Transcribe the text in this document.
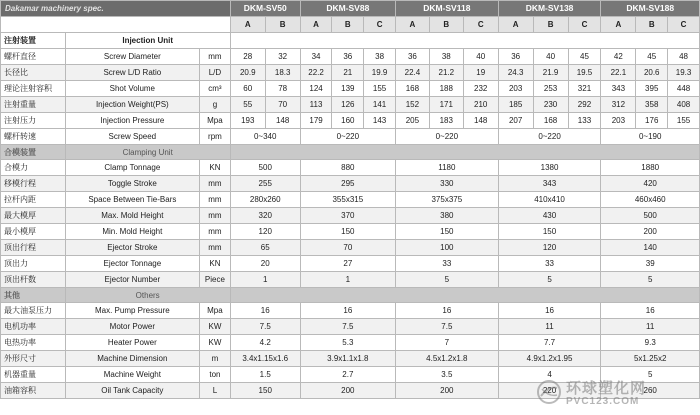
Dakamar machinery spec.			DKM-SV50		DKM-SV88			DKM-SV118			DKM-SV138			DKM-SV188		
			A	B	A	B	C	A	B	C	A	B	C	A	B	C
注射装置	Injection Unit															
螺杆直径	Screw Diameter	mm	28	32	34	36	38	36	38	40	36	40	45	42	45	48
长径比	Screw L/D Ratio	L/D	20.9	18.3	22.2	21	19.9	22.4	21.2	19	24.3	21.9	19.5	22.1	20.6	19.3
理论注射容积	Shot Volume	cm³	60	78	124	139	155	168	188	232	203	253	321	343	395	448
注射重量	Injection Weight(PS)	g	55	70	113	126	141	152	171	210	185	230	292	312	358	408
注射压力	Injection Pressure	Mpa	193	148	179	160	143	205	183	148	207	168	133	203	176	155
螺杆转速	Screw Speed	rpm	0~340		0~220			0~220			0~220			0~190		
合模装置	Clamping Unit															
合模力	Clamp Tonnage	KN	500		880			1180			1380			1880		
移模行程	Toggle Stroke	mm	255		295			330			343			420		
拉杆内距	Space Between Tie-Bars	mm	280x260		355x315			375x375			410x410			460x460		
最大模厚	Max. Mold Height	mm	320		370			380			430			500		
最小模厚	Min. Mold Height	mm	120		150			150			150			200		
顶出行程	Ejector Stroke	mm	65		70			100			120			140		
顶出力	Ejector Tonnage	KN	20		27			33			33			39		
顶出杆数	Ejector Number	Piece	1		1			5			5			5		
其他	Others															
最大油泵压力	Max. Pump Pressure	Mpa	16		16			16			16			16		
电机功率	Motor Power	KW	7.5		7.5			7.5			11			11		
电热功率	Heater Power	KW	4.2		5.3			7			7.7			9.3		
外形尺寸	Machine Dimension	m	3.4x1.15x1.6		3.9x1.1x1.8			4.5x1.2x1.8			4.9x1.2x1.95			5x1.25x2		
机器重量	Machine Weight	ton	1.5		2.7			3.5			4			5		
油箱容积	Oil Tank Capacity	L	150		200			200			220			260		
环球塑化网
PVC123.COM
